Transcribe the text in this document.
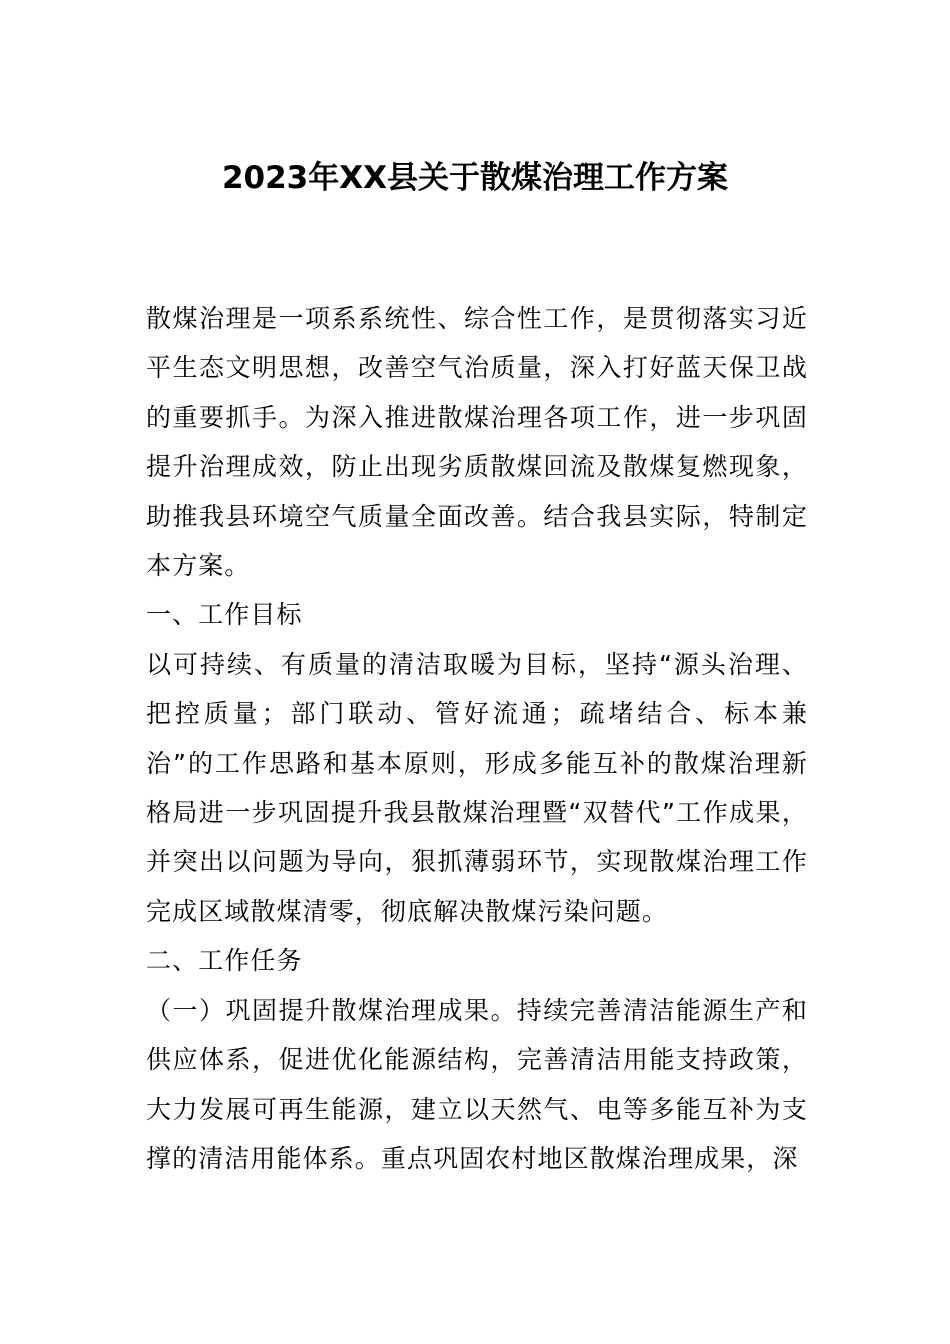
2023年XX县关于散煤治理工作方案

散煤治理是一项系系统性、综合性工作，是贯彻落实习近平生态文明思想，改善空气治质量，深入打好蓝天保卫战的重要抓手。为深入推进散煤治理各项工作，进一步巩固提升治理成效，防止出现劣质散煤回流及散煤复燃现象，助推我县环境空气质量全面改善。结合我县实际，特制定本方案。

一、工作目标

以可持续、有质量的清洁取暖为目标，坚持“源头治理、把控质量；部门联动、管好流通；疏堵结合、标本兼治”的工作思路和基本原则，形成多能互补的散煤治理新格局进一步巩固提升我县散煤治理暨“双替代”工作成果，并突出以问题为导向，狠抓薄弱环节，实现散煤治理工作完成区域散煤清零，彻底解决散煤污染问题。

二、工作任务

（一）巩固提升散煤治理成果。持续完善清洁能源生产和供应体系，促进优化能源结构，完善清洁用能支持政策，大力发展可再生能源，建立以天然气、电等多能互补为支撑的清洁用能体系。重点巩固农村地区散煤治理成果，深
